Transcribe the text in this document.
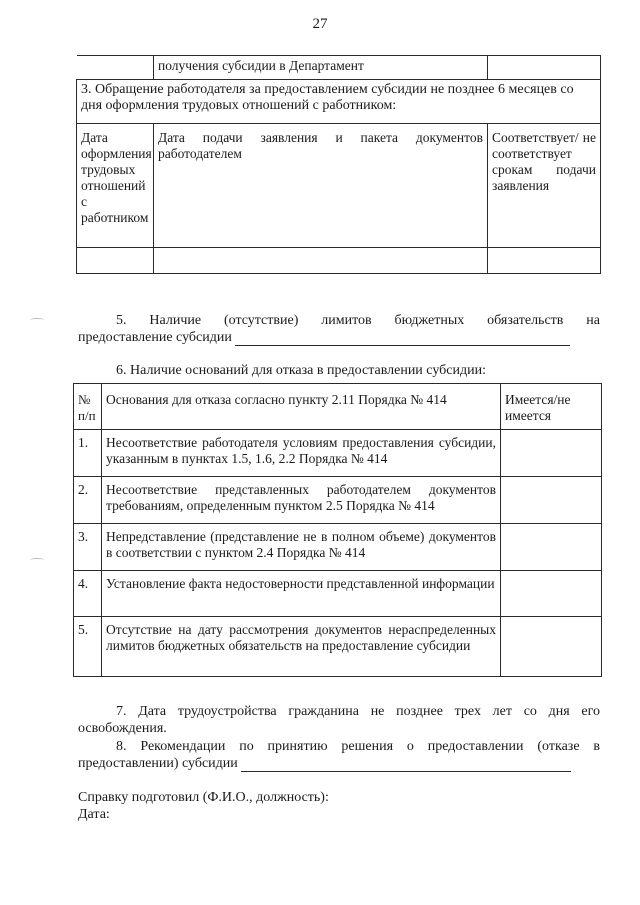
27
	получения субсидии в Департамент	
3. Обращение работодателя за предоставлением субсидии не позднее 6 месяцев со дня оформления трудовых отношений с работником:		
Дата оформления трудовых отношений с работником	Дата подачи заявления и пакета документов работодателем	Соответствует/ не соответствует срокам подачи заявления

5. Наличие (отсутствие) лимитов бюджетных обязательств на
предоставление субсидии
6. Наличие оснований для отказа в предоставлении субсидии:
№ п/п	Основания для отказа согласно пункту 2.11 Порядка № 414	Имеется/не имеется
1.	Несоответствие работодателя условиям предоставления субсидии, указанным в пунктах 1.5, 1.6, 2.2 Порядка № 414	
2.	Несоответствие представленных работодателем документов требованиям, определенным пунктом 2.5 Порядка № 414	
3.	Непредставление (представление не в полном объеме) документов в соответствии с пунктом 2.4 Порядка № 414	
4.	Установление факта недостоверности представленной информации	
5.	Отсутствие на дату рассмотрения документов нераспределенных лимитов бюджетных обязательств на предоставление субсидии	
7. Дата трудоустройства гражданина не позднее трех лет со дня его освобождения.
8. Рекомендации по принятию решения о предоставлении (отказе в
предоставлении) субсидии
Справку подготовил (Ф.И.О., должность):
Дата:
